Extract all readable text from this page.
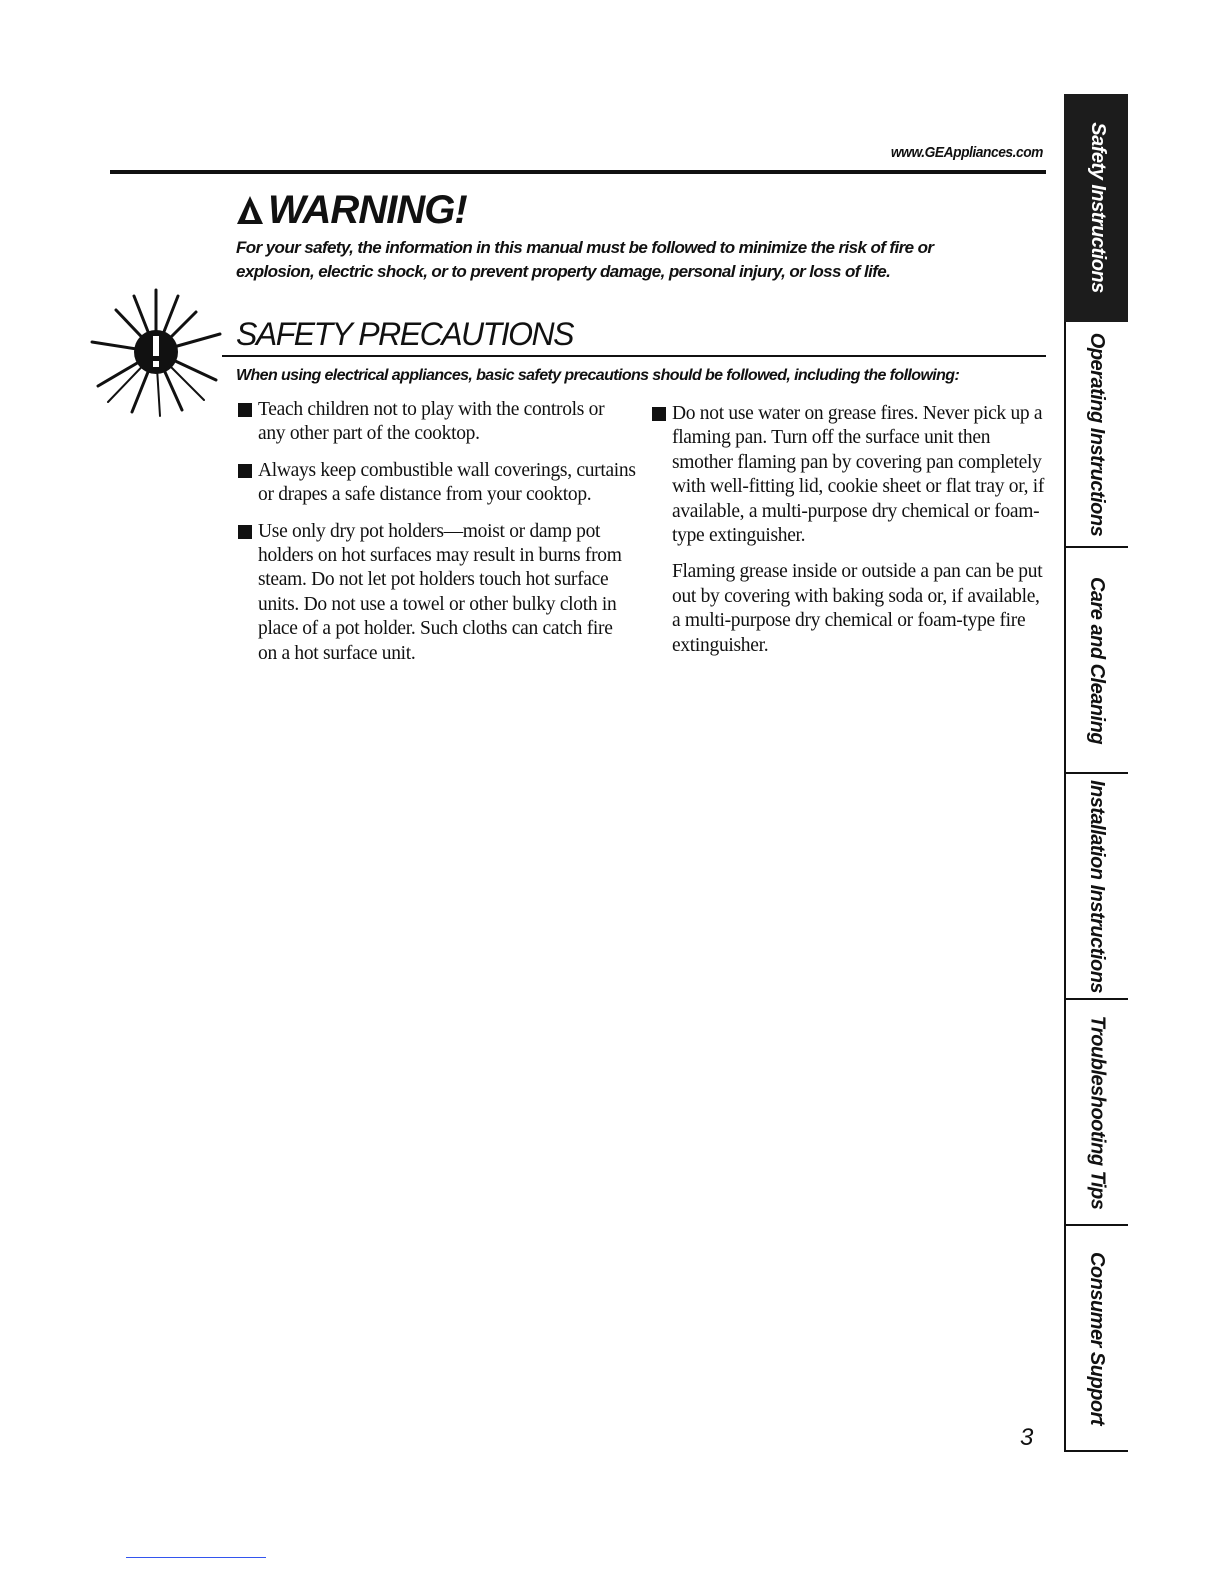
www.GEAppliances.com
WARNING!
For your safety, the information in this manual must be followed to minimize the risk of fire or explosion, electric shock, or to prevent property damage, personal injury, or loss of life.
SAFETY PRECAUTIONS
When using electrical appliances, basic safety precautions should be followed, including the following:
Teach children not to play with the controls or any other part of the cooktop.
Always keep combustible wall coverings, curtains or drapes a safe distance from your cooktop.
Use only dry pot holders—moist or damp pot holders on hot surfaces may result in burns from steam. Do not let pot holders touch hot surface units. Do not use a towel or other bulky cloth in place of a pot holder. Such cloths can catch fire on a hot surface unit.
Do not use water on grease fires. Never pick up a flaming pan. Turn off the surface unit then smother flaming pan by covering pan completely with well-fitting lid, cookie sheet or flat tray or, if available, a multi-purpose dry chemical or foam-type extinguisher.
Flaming grease inside or outside a pan can be put out by covering with baking soda or, if available, a multi-purpose dry chemical or foam-type fire extinguisher.
3
Safety Instructions
Operating Instructions
Care and Cleaning
Installation Instructions
Troubleshooting Tips
Consumer Support
